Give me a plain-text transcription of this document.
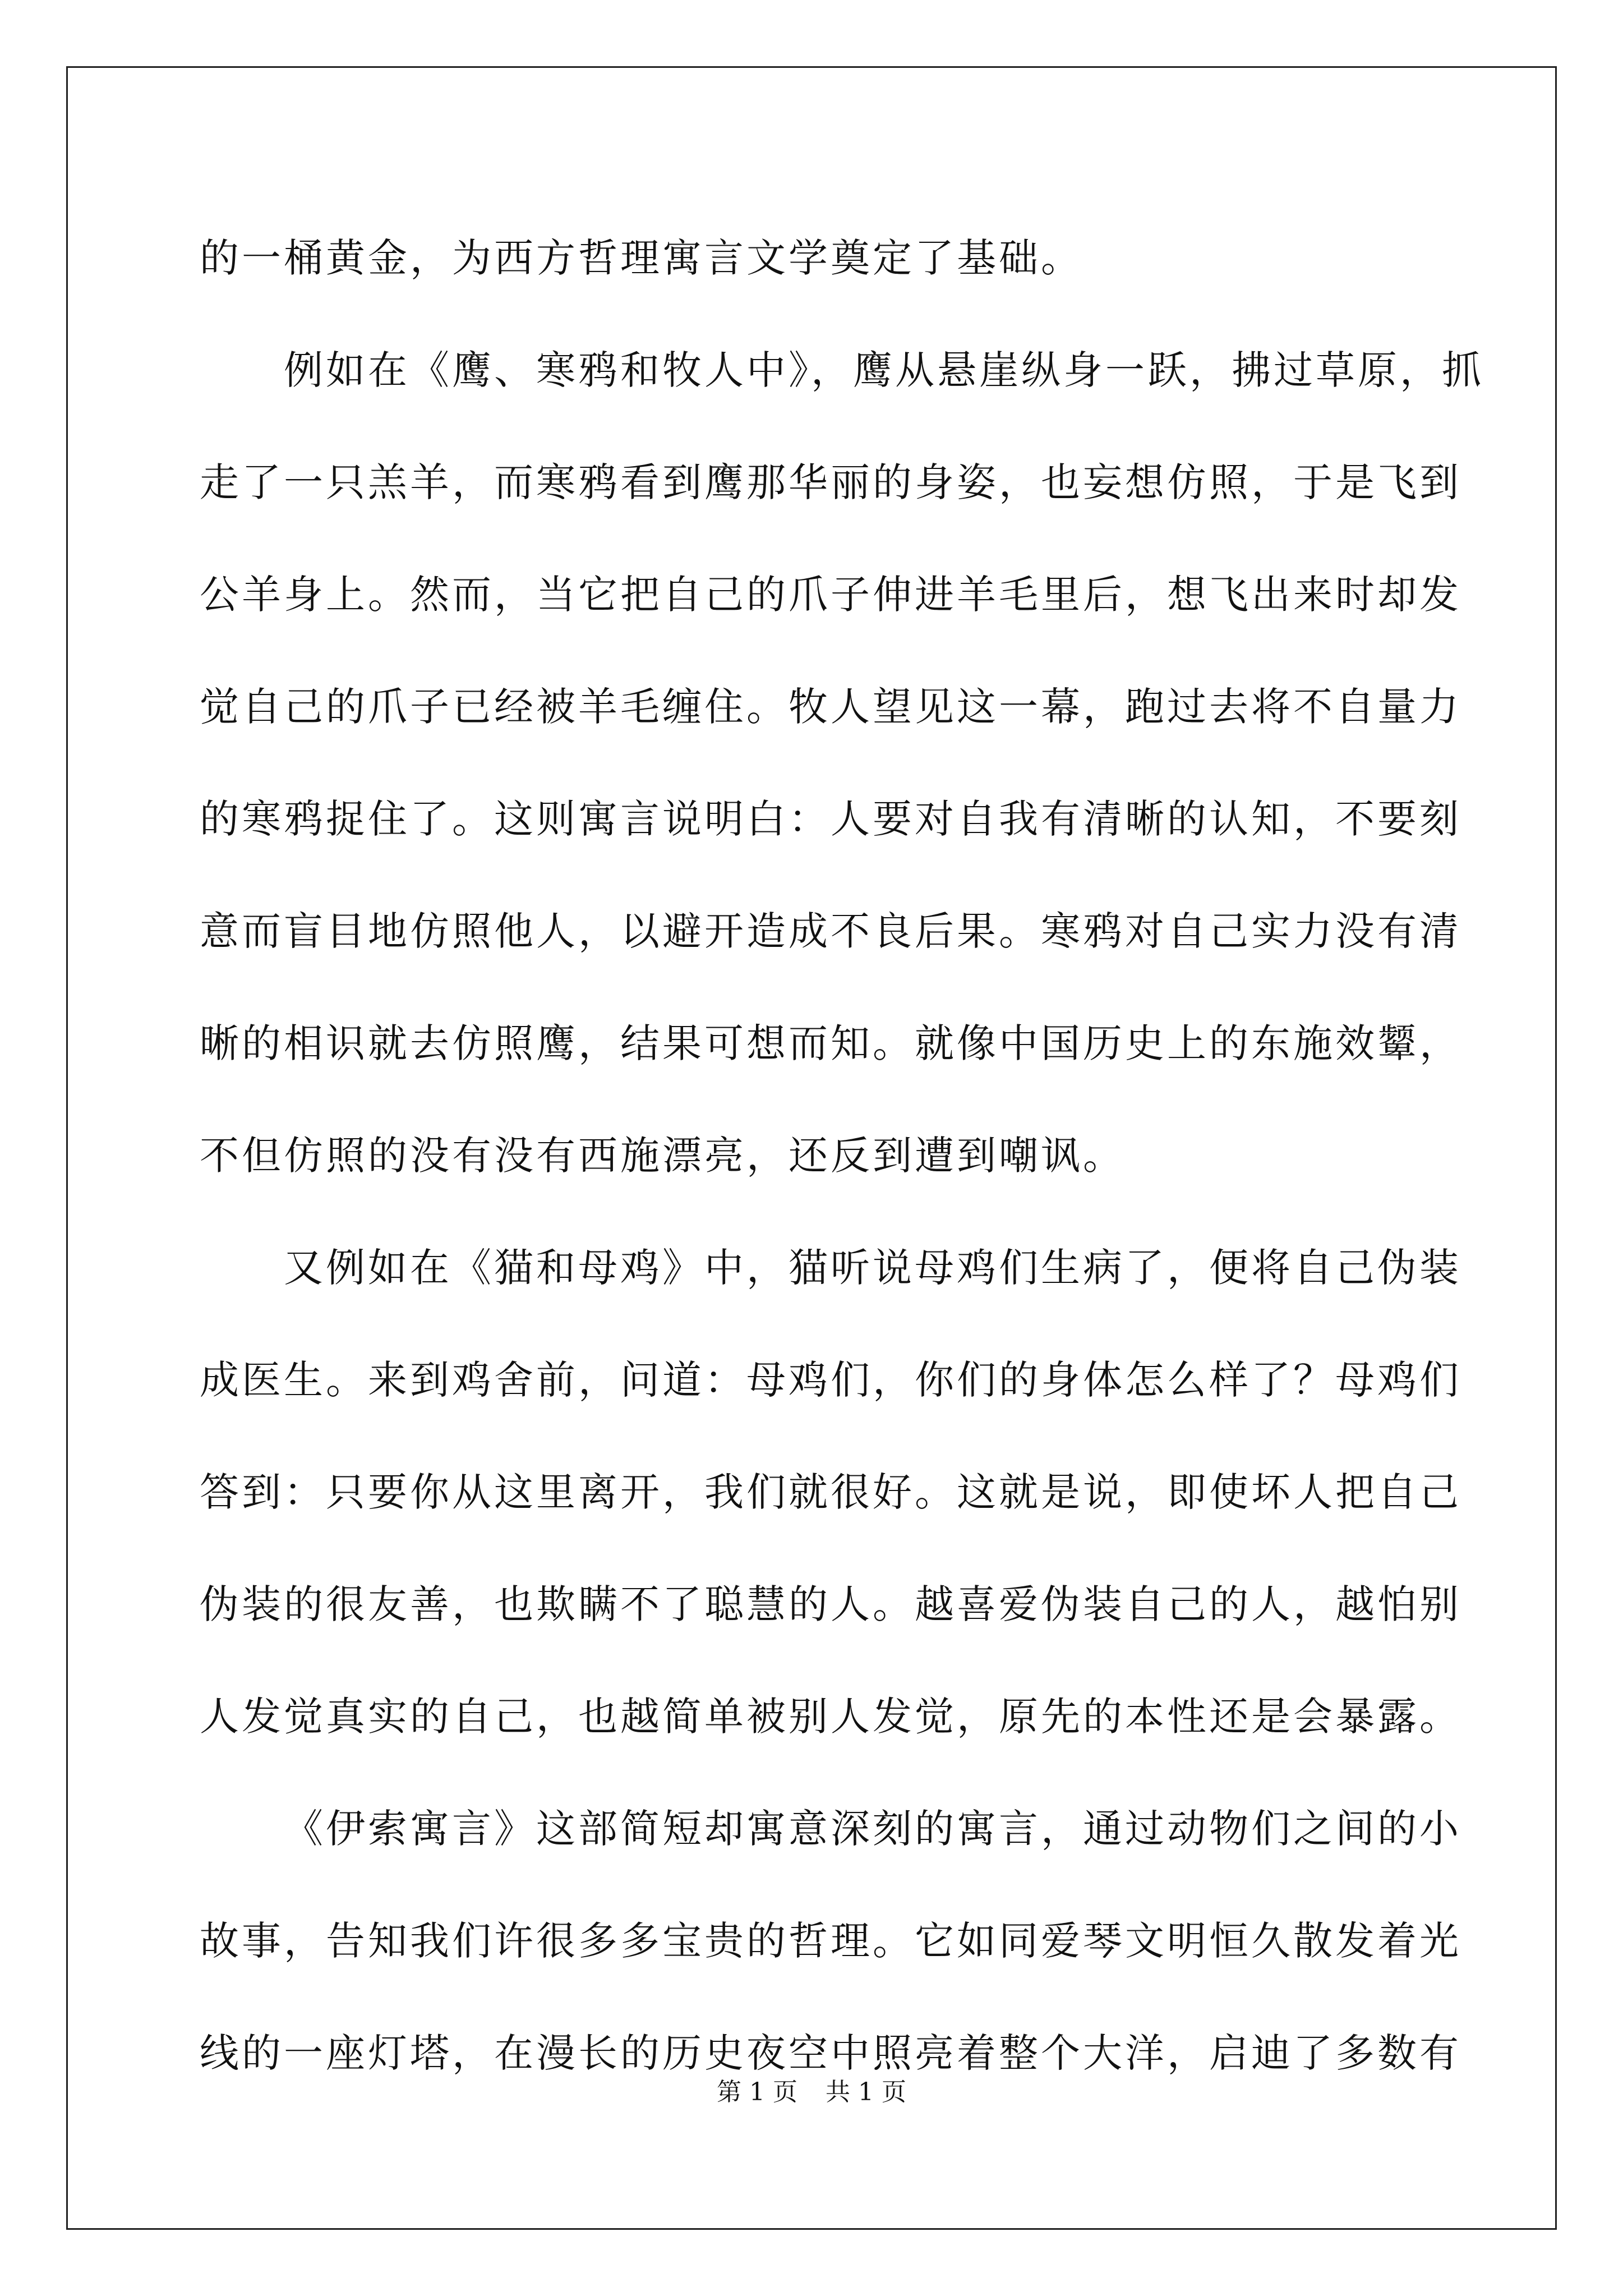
的一桶黄金，为西方哲理寓言文学奠定了基础。
例如在《鹰、寒鸦和牧人中》，鹰从悬崖纵身一跃，拂过草原，抓
走了一只羔羊，而寒鸦看到鹰那华丽的身姿，也妄想仿照，于是飞到
公羊身上。然而，当它把自己的爪子伸进羊毛里后，想飞出来时却发
觉自己的爪子已经被羊毛缠住。牧人望见这一幕，跑过去将不自量力
的寒鸦捉住了。这则寓言说明白：人要对自我有清晰的认知，不要刻
意而盲目地仿照他人，以避开造成不良后果。寒鸦对自己实力没有清
晰的相识就去仿照鹰，结果可想而知。就像中国历史上的东施效颦，
不但仿照的没有没有西施漂亮，还反到遭到嘲讽。
又例如在《猫和母鸡》中，猫听说母鸡们生病了，便将自己伪装
成医生。来到鸡舍前，问道：母鸡们，你们的身体怎么样了？母鸡们
答到：只要你从这里离开，我们就很好。这就是说，即使坏人把自己
伪装的很友善，也欺瞒不了聪慧的人。越喜爱伪装自己的人，越怕别
人发觉真实的自己，也越简单被别人发觉，原先的本性还是会暴露。
《伊索寓言》这部简短却寓意深刻的寓言，通过动物们之间的小
故事，告知我们许很多多宝贵的哲理。它如同爱琴文明恒久散发着光
线的一座灯塔，在漫长的历史夜空中照亮着整个大洋，启迪了多数有
第 1 页 共 1 页
